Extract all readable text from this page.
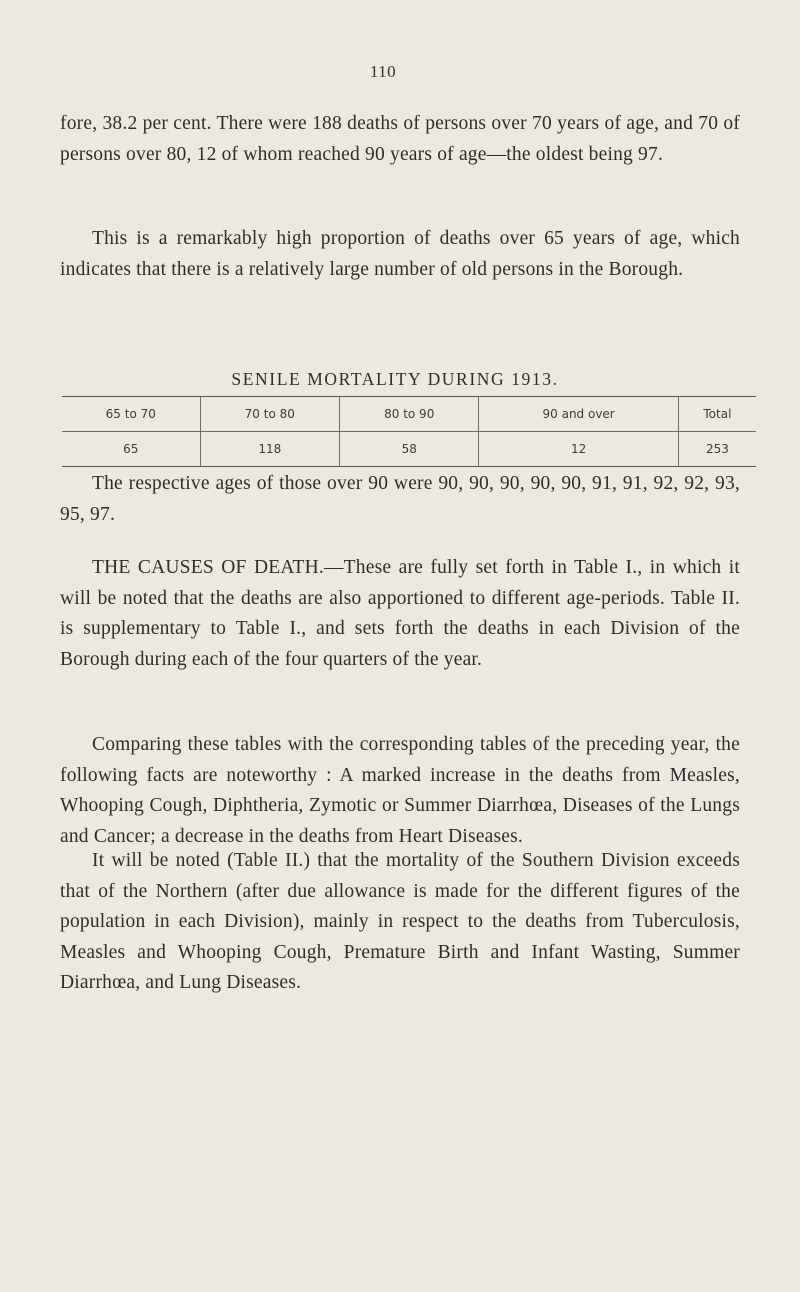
110

fore, 38.2 per cent. There were 188 deaths of persons over 70 years of age, and 70 of persons over 80, 12 of whom reached 90 years of age—the oldest being 97.

This is a remarkably high proportion of deaths over 65 years of age, which indicates that there is a relatively large number of old persons in the Borough.

SENILE MORTALITY DURING 1913.
65 to 70	70 to 80	80 to 90	90 and over	Total
65	118	58	12	253

The respective ages of those over 90 were 90, 90, 90, 90, 90, 91, 91, 92, 92, 93, 95, 97.

THE CAUSES OF DEATH.—These are fully set forth in Table I., in which it will be noted that the deaths are also apportioned to different age-periods. Table II. is supplementary to Table I., and sets forth the deaths in each Division of the Borough during each of the four quarters of the year.

Comparing these tables with the corresponding tables of the preceding year, the following facts are noteworthy : A marked increase in the deaths from Measles, Whooping Cough, Diphtheria, Zymotic or Summer Diarrhœa, Diseases of the Lungs and Cancer; a decrease in the deaths from Heart Diseases.

It will be noted (Table II.) that the mortality of the Southern Division exceeds that of the Northern (after due allowance is made for the different figures of the population in each Division), mainly in respect to the deaths from Tuberculosis, Measles and Whooping Cough, Premature Birth and Infant Wasting, Summer Diarrhœa, and Lung Diseases.
